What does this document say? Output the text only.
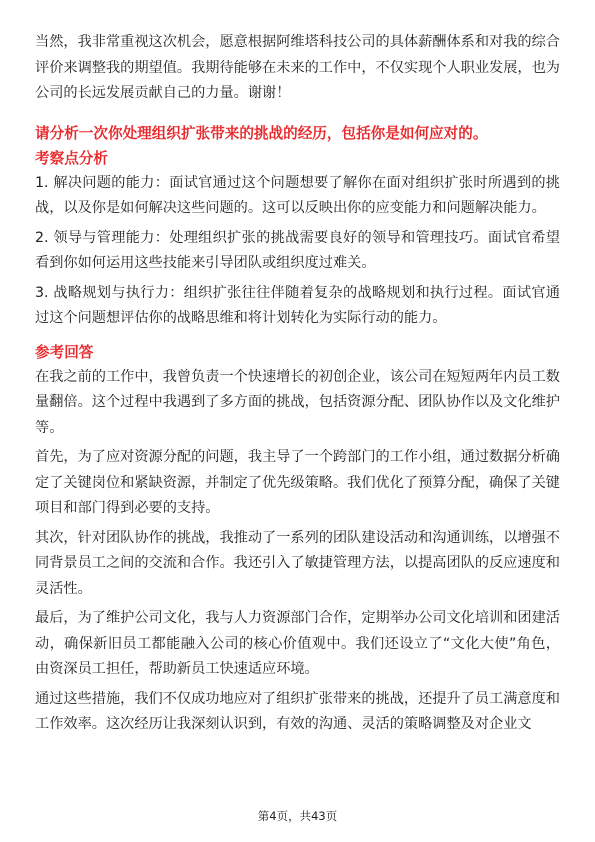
当然，我非常重视这次机会，愿意根据阿维塔科技公司的具体薪酬体系和对我的综合评价来调整我的期望值。我期待能够在未来的工作中，不仅实现个人职业发展，也为公司的长远发展贡献自己的力量。谢谢！

请分析一次你处理组织扩张带来的挑战的经历，包括你是如何应对的。

考察点分析

1. 解决问题的能力：面试官通过这个问题想要了解你在面对组织扩张时所遇到的挑战，以及你是如何解决这些问题的。这可以反映出你的应变能力和问题解决能力。

2. 领导与管理能力：处理组织扩张的挑战需要良好的领导和管理技巧。面试官希望看到你如何运用这些技能来引导团队或组织度过难关。

3. 战略规划与执行力：组织扩张往往伴随着复杂的战略规划和执行过程。面试官通过这个问题想评估你的战略思维和将计划转化为实际行动的能力。

参考回答

在我之前的工作中，我曾负责一个快速增长的初创企业，该公司在短短两年内员工数量翻倍。这个过程中我遇到了多方面的挑战，包括资源分配、团队协作以及文化维护等。

首先，为了应对资源分配的问题，我主导了一个跨部门的工作小组，通过数据分析确定了关键岗位和紧缺资源，并制定了优先级策略。我们优化了预算分配，确保了关键项目和部门得到必要的支持。

其次，针对团队协作的挑战，我推动了一系列的团队建设活动和沟通训练，以增强不同背景员工之间的交流和合作。我还引入了敏捷管理方法，以提高团队的反应速度和灵活性。

最后，为了维护公司文化，我与人力资源部门合作，定期举办公司文化培训和团建活动，确保新旧员工都能融入公司的核心价值观中。我们还设立了“文化大使”角色，由资深员工担任，帮助新员工快速适应环境。

通过这些措施，我们不仅成功地应对了组织扩张带来的挑战，还提升了员工满意度和工作效率。这次经历让我深刻认识到，有效的沟通、灵活的策略调整及对企业文

第4页，共43页
